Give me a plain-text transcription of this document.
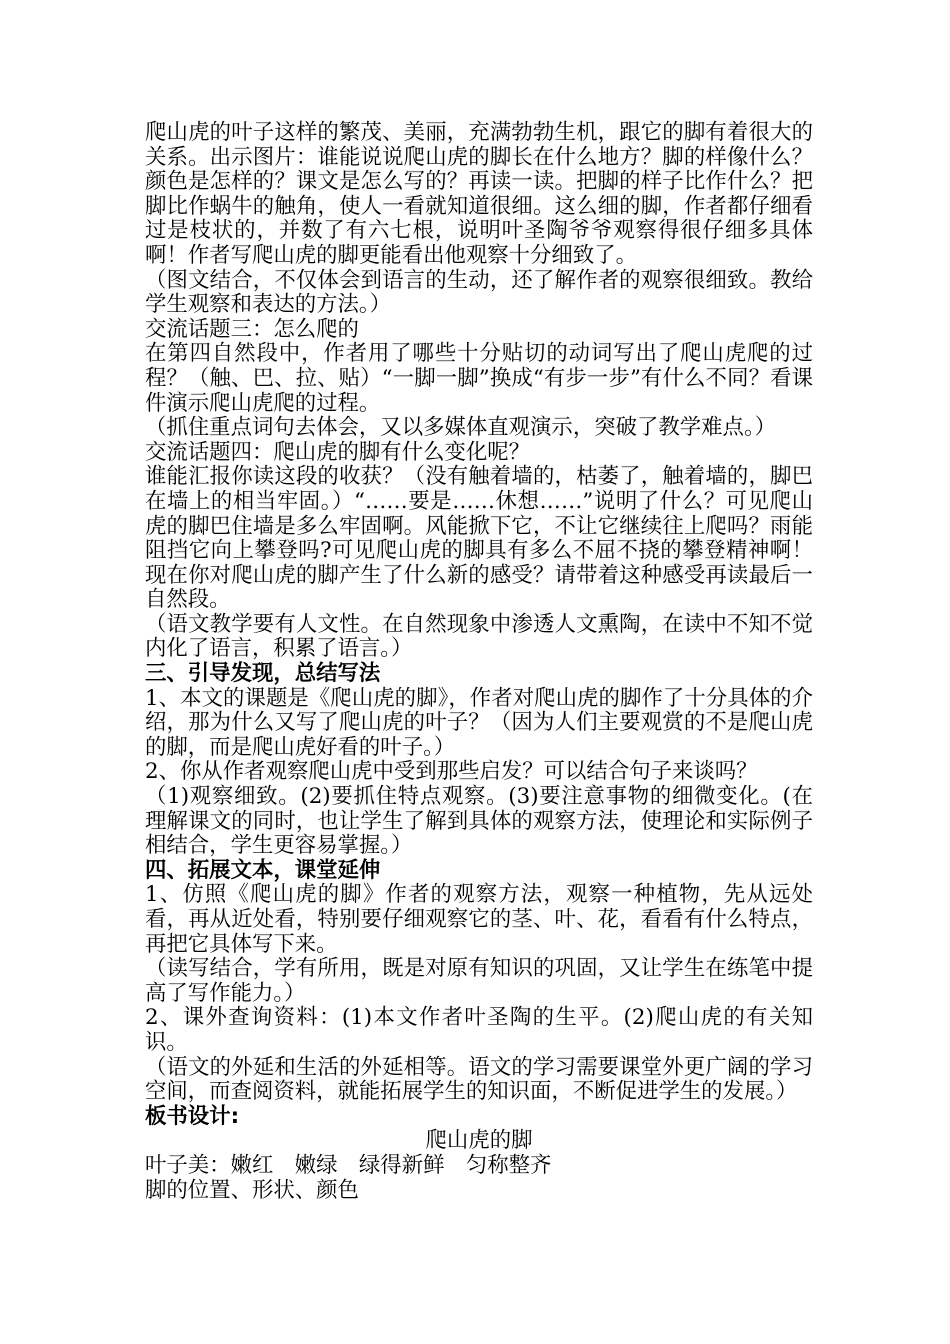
爬山虎的叶子这样的繁茂、美丽，充满勃勃生机，跟它的脚有着很大的关系。出示图片：谁能说说爬山虎的脚长在什么地方？脚的样像什么？颜色是怎样的？课文是怎么写的？再读一读。把脚的样子比作什么？把脚比作蜗牛的触角，使人一看就知道很细。这么细的脚，作者都仔细看过是枝状的，并数了有六七根，说明叶圣陶爷爷观察得很仔细多具体啊！作者写爬山虎的脚更能看出他观察十分细致了。

（图文结合，不仅体会到语言的生动，还了解作者的观察很细致。教给学生观察和表达的方法。）

交流话题三：怎么爬的

在第四自然段中，作者用了哪些十分贴切的动词写出了爬山虎爬的过程？（触、巴、拉、贴）“一脚一脚”换成“有步一步”有什么不同？看课件演示爬山虎爬的过程。

（抓住重点词句去体会，又以多媒体直观演示，突破了教学难点。）

交流话题四：爬山虎的脚有什么变化呢？

谁能汇报你读这段的收获？（没有触着墙的，枯萎了，触着墙的，脚巴在墙上的相当牢固。）“……要是……休想……”说明了什么？可见爬山虎的脚巴住墙是多么牢固啊。风能掀下它，不让它继续往上爬吗？雨能阻挡它向上攀登吗?可见爬山虎的脚具有多么不屈不挠的攀登精神啊！现在你对爬山虎的脚产生了什么新的感受？请带着这种感受再读最后一自然段。

（语文教学要有人文性。在自然现象中渗透人文熏陶，在读中不知不觉内化了语言，积累了语言。）

三、引导发现，总结写法

1、本文的课题是《爬山虎的脚》，作者对爬山虎的脚作了十分具体的介绍，那为什么又写了爬山虎的叶子？（因为人们主要观赏的不是爬山虎的脚，而是爬山虎好看的叶子。）

2、你从作者观察爬山虎中受到那些启发？可以结合句子来谈吗？

（1)观察细致。(2)要抓住特点观察。(3)要注意事物的细微变化。(在理解课文的同时，也让学生了解到具体的观察方法，使理论和实际例子相结合，学生更容易掌握。）

四、拓展文本，课堂延伸

1、仿照《爬山虎的脚》作者的观察方法，观察一种植物，先从远处看，再从近处看，特别要仔细观察它的茎、叶、花，看看有什么特点，再把它具体写下来。

（读写结合，学有所用，既是对原有知识的巩固，又让学生在练笔中提高了写作能力。）

2、课外查询资料：(1)本文作者叶圣陶的生平。(2)爬山虎的有关知识。

（语文的外延和生活的外延相等。语文的学习需要课堂外更广阔的学习空间，而查阅资料，就能拓展学生的知识面，不断促进学生的发展。）

板书设计:

爬山虎的脚

叶子美：嫩红　嫩绿　绿得新鲜　匀称整齐

脚的位置、形状、颜色
